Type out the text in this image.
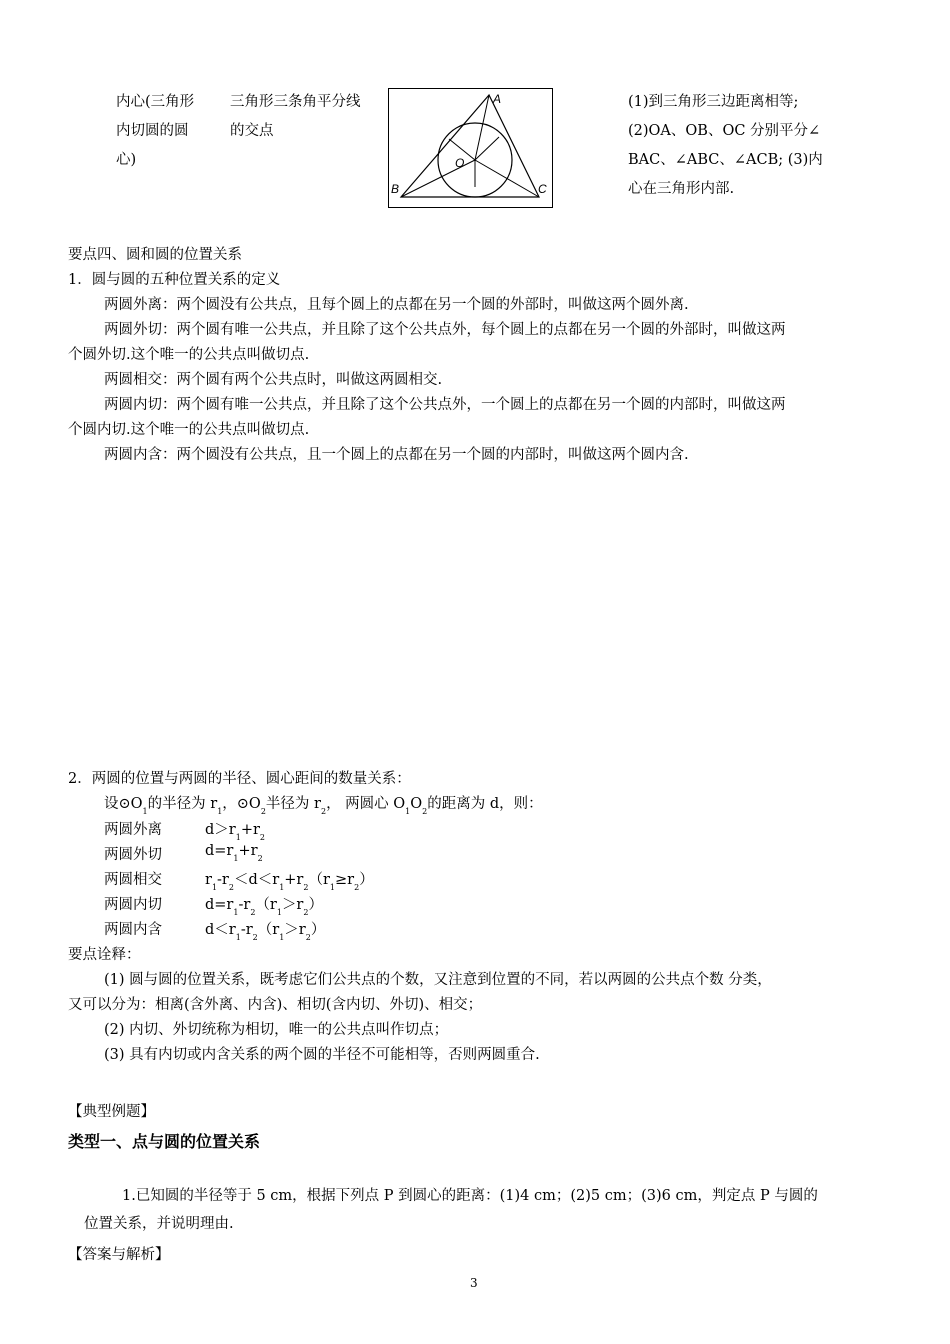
内心(三角形
内切圆的圆
心)
三角形三条角平分线
的交点
A
B	C
O
(1)到三角形三边距离相等;
(2)OA、OB、OC 分别平分∠
BAC、∠ABC、∠ACB; (3)内
心在三角形内部.
要点四、圆和圆的位置关系
1．圆与圆的五种位置关系的定义
两圆外离：两个圆没有公共点，且每个圆上的点都在另一个圆的外部时，叫做这两个圆外离.
两圆外切：两个圆有唯一公共点，并且除了这个公共点外，每个圆上的点都在另一个圆的外部时，叫做这两
个圆外切.这个唯一的公共点叫做切点.
两圆相交：两个圆有两个公共点时，叫做这两圆相交.
两圆内切：两个圆有唯一公共点，并且除了这个公共点外，一个圆上的点都在另一个圆的内部时，叫做这两
个圆内切.这个唯一的公共点叫做切点.
两圆内含：两个圆没有公共点，且一个圆上的点都在另一个圆的内部时，叫做这两个圆内含.
2．两圆的位置与两圆的半径、圆心距间的数量关系：
设$⊙O_1$的半径为 $r_1$，$⊙O_2$半径为 $r_2$， 两圆心 $O_1O_2$的距离为 d，则：
两圆外离	$d>r_1+r_2$
两圆外切	$d=r_1+r_2$
两圆相交	$r_1-r_2<d<r_1+r_2(r_1\ge r_2)$
两圆内切	$d=r_1-r_2(r_1>r_2)$
两圆内含	$d<r_1-r_2(r_1>r_2)$
要点诠释：
(1) 圆与圆的位置关系，既考虑它们公共点的个数，又注意到位置的不同，若以两圆的公共点个数 分类，
又可以分为：相离(含外离、内含)、相切(含内切、外切)、相交；
(2) 内切、外切统称为相切，唯一的公共点叫作切点；
(3) 具有内切或内含关系的两个圆的半径不可能相等，否则两圆重合.
【典型例题】
类型一、点与圆的位置关系
1.已知圆的半径等于 5 cm，根据下列点 P 到圆心的距离：(1)4 cm；(2)5 cm；(3)6 cm，判定点 P 与圆的
位置关系，并说明理由.
【答案与解析】
3
